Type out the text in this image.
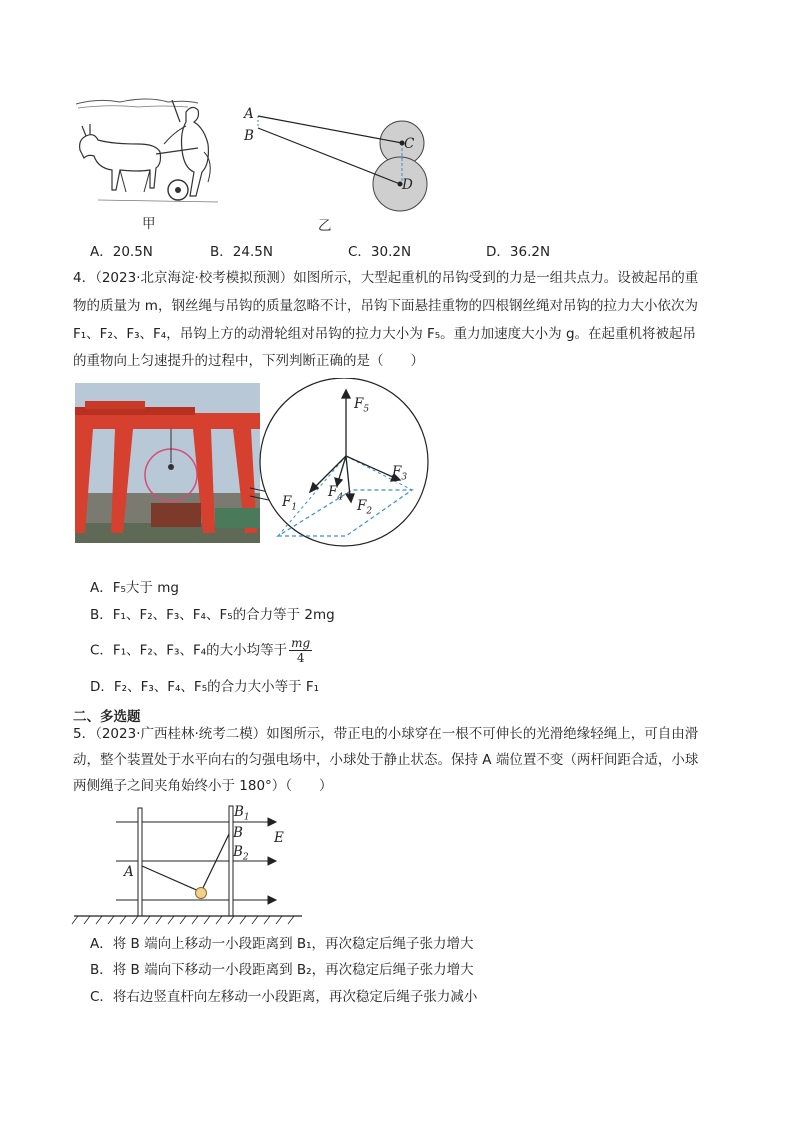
甲
A
B	C
D
乙
A．20.5N	B．24.5N	C．30.2N	D．36.2N
4．（2023·北京海淀·校考模拟预测）如图所示，大型起重机的吊钩受到的力是一组共点力。设被起吊的重
物的质量为 m，钢丝绳与吊钩的质量忽略不计，吊钩下面悬挂重物的四根钢丝绳对吊钩的拉力大小依次为
F₁、F₂、F₃、F₄，吊钩上方的动滑轮组对吊钩的拉力大小为 F₅。重力加速度大小为 g。在起重机将被起吊
的重物向上匀速提升的过程中，下列判断正确的是（　　）
$F_5$
$F_3$
$F_4$
$F_1$	$F_2$
A．F₅大于 mg
B．F₁、F₂、F₃、F₄、F₅的合力等于 2mg
C．F₁、F₂、F₃、F₄的大小均等于 $\frac{mg}{4}$
D．F₂、F₃、F₄、F₅的合力大小等于 F₁
二、多选题
5．（2023·广西桂林·统考二模）如图所示，带正电的小球穿在一根不可伸长的光滑绝缘轻绳上，可自由滑
动，整个装置处于水平向右的匀强电场中，小球处于静止状态。保持 A 端位置不变（两杆间距合适，小球
两侧绳子之间夹角始终小于 180°）（　　）
$B_1$
B
$B_2$
E
A
A．将 B 端向上移动一小段距离到 B₁，再次稳定后绳子张力增大
B．将 B 端向下移动一小段距离到 B₂，再次稳定后绳子张力增大
C．将右边竖直杆向左移动一小段距离，再次稳定后绳子张力减小
